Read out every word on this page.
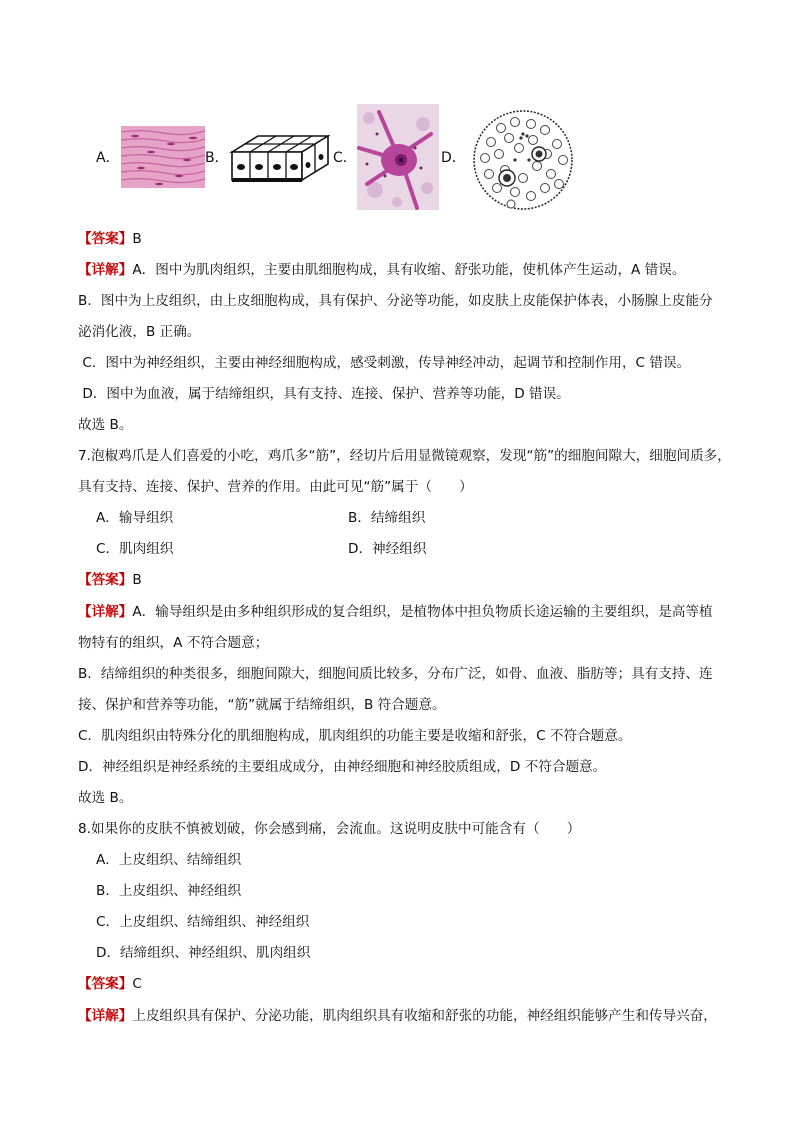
A．	B．	C．	D．
【答案】B
【详解】A．图中为肌肉组织，主要由肌细胞构成，具有收缩、舒张功能，使机体产生运动，A 错误。
B．图中为上皮组织，由上皮细胞构成，具有保护、分泌等功能，如皮肤上皮能保护体表，小肠腺上皮能分
泌消化液，B 正确。
C．图中为神经组织，主要由神经细胞构成，感受刺激，传导神经冲动，起调节和控制作用，C 错误。
D．图中为血液，属于结缔组织，具有支持、连接、保护、营养等功能，D 错误。
故选 B。
7.泡椒鸡爪是人们喜爱的小吃，鸡爪多“筋”，经切片后用显微镜观察，发现“筋”的细胞间隙大，细胞间质多，
具有支持、连接、保护、营养的作用。由此可见“筋”属于（　　）
A．输导组织	B．结缔组织
C．肌肉组织	D．神经组织
【答案】B
【详解】A．输导组织是由多种组织形成的复合组织，是植物体中担负物质长途运输的主要组织，是高等植
物特有的组织，A 不符合题意；
B．结缔组织的种类很多，细胞间隙大，细胞间质比较多，分布广泛，如骨、血液、脂肪等；具有支持、连
接、保护和营养等功能，“筋”就属于结缔组织，B 符合题意。
C．肌肉组织由特殊分化的肌细胞构成，肌肉组织的功能主要是收缩和舒张，C 不符合题意。
D．神经组织是神经系统的主要组成成分，由神经细胞和神经胶质组成，D 不符合题意。
故选 B。
8.如果你的皮肤不慎被划破，你会感到痛，会流血。这说明皮肤中可能含有（　　）
A．上皮组织、结缔组织
B．上皮组织、神经组织
C．上皮组织、结缔组织、神经组织
D．结缔组织、神经组织、肌肉组织
【答案】C
【详解】上皮组织具有保护、分泌功能，肌肉组织具有收缩和舒张的功能，神经组织能够产生和传导兴奋，
